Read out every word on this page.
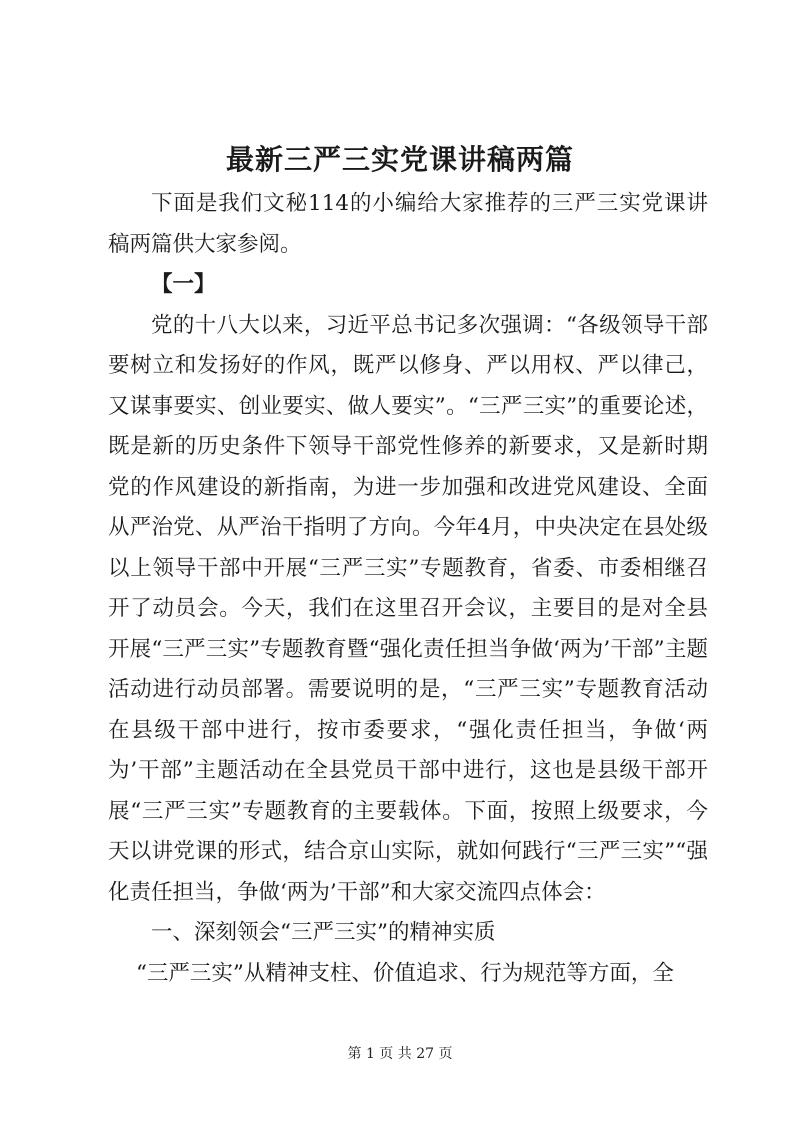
最新三严三实党课讲稿两篇

下面是我们文秘114的小编给大家推荐的三严三实党课讲稿两篇供大家参阅。

【一】

党的十八大以来，习近平总书记多次强调：“各级领导干部要树立和发扬好的作风，既严以修身、严以用权、严以律己，又谋事要实、创业要实、做人要实”。“三严三实”的重要论述，既是新的历史条件下领导干部党性修养的新要求，又是新时期党的作风建设的新指南，为进一步加强和改进党风建设、全面从严治党、从严治干指明了方向。今年4月，中央决定在县处级以上领导干部中开展“三严三实”专题教育，省委、市委相继召开了动员会。今天，我们在这里召开会议，主要目的是对全县开展“三严三实”专题教育暨“强化责任担当争做‘两为’干部”主题活动进行动员部署。需要说明的是，“三严三实”专题教育活动在县级干部中进行，按市委要求，“强化责任担当，争做‘两为’干部”主题活动在全县党员干部中进行，这也是县级干部开展“三严三实”专题教育的主要载体。下面，按照上级要求，今天以讲党课的形式，结合京山实际，就如何践行“三严三实”“强化责任担当，争做‘两为’干部”和大家交流四点体会：

一、深刻领会“三严三实”的精神实质

“三严三实”从精神支柱、价值追求、行为规范等方面，全

第 1 页 共 27 页
